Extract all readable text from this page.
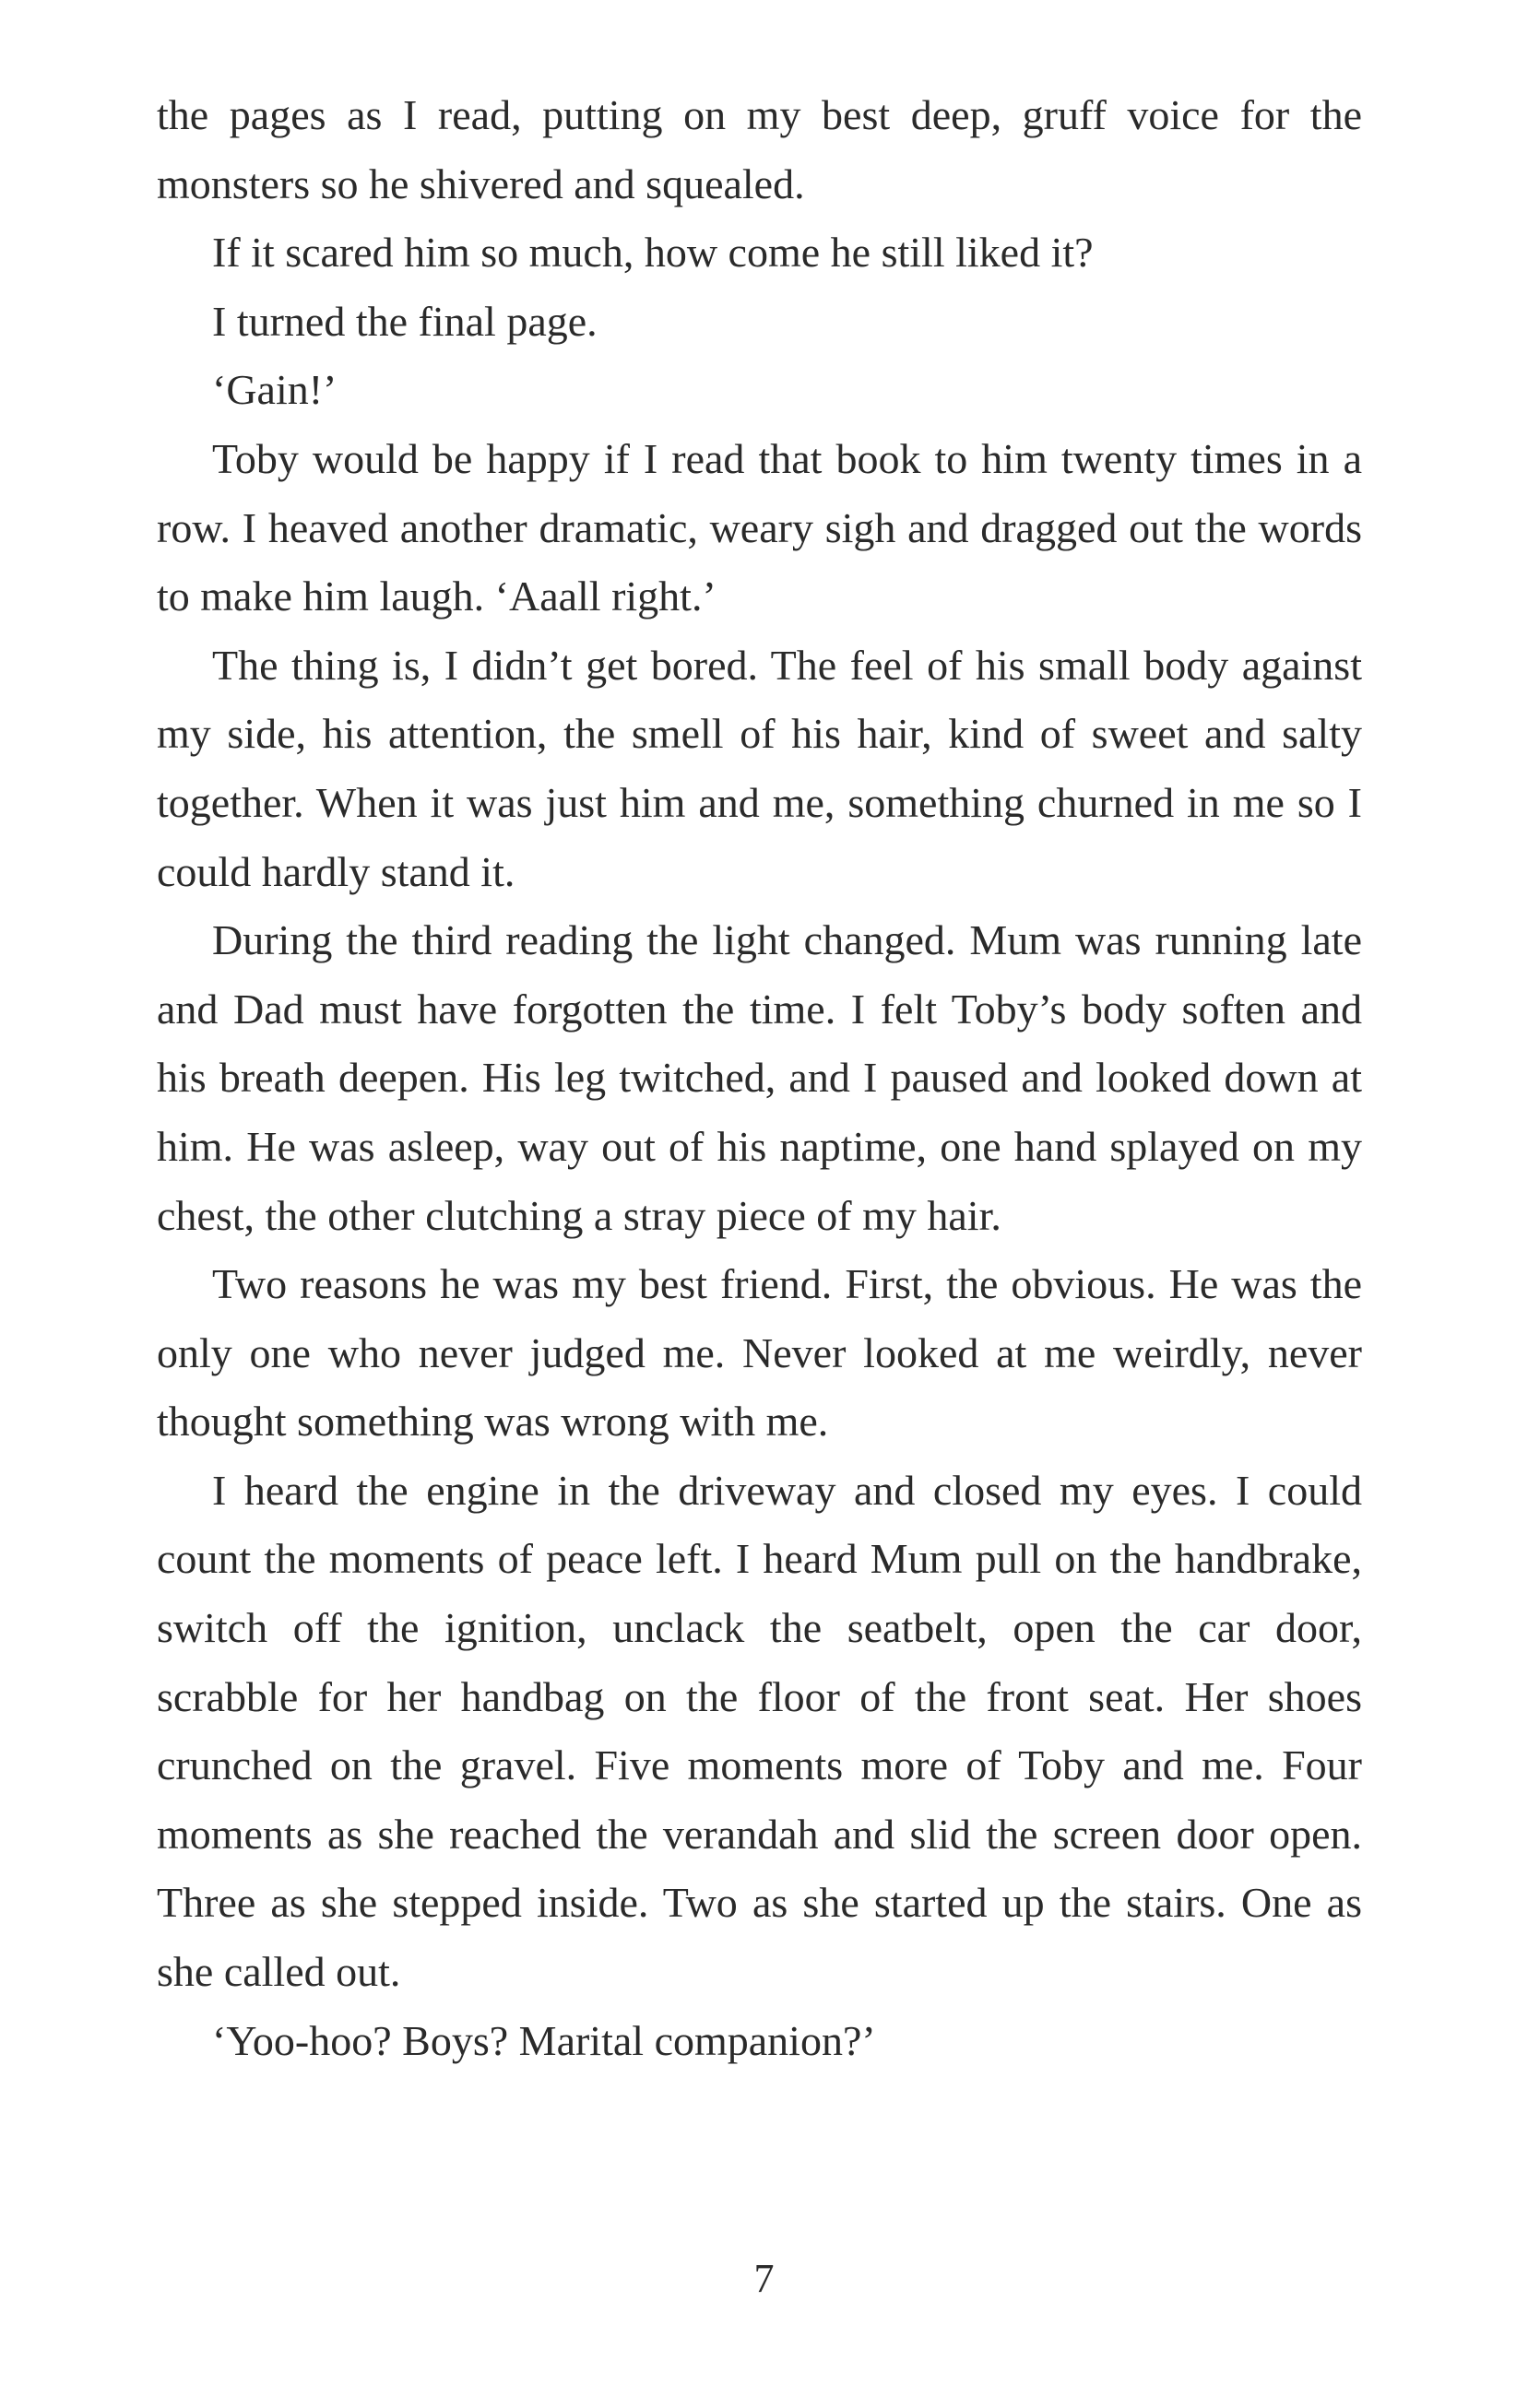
the pages as I read, putting on my best deep, gruff voice for the monsters so he shivered and squealed.

If it scared him so much, how come he still liked it?

I turned the final page.

‘Gain!’

Toby would be happy if I read that book to him twenty times in a row. I heaved another dramatic, weary sigh and dragged out the words to make him laugh. ‘Aaall right.’

The thing is, I didn’t get bored. The feel of his small body against my side, his attention, the smell of his hair, kind of sweet and salty together. When it was just him and me, something churned in me so I could hardly stand it.

During the third reading the light changed. Mum was running late and Dad must have forgotten the time. I felt Toby’s body soften and his breath deepen. His leg twitched, and I paused and looked down at him. He was asleep, way out of his naptime, one hand splayed on my chest, the other clutching a stray piece of my hair.

Two reasons he was my best friend. First, the obvious. He was the only one who never judged me. Never looked at me weirdly, never thought something was wrong with me.

I heard the engine in the driveway and closed my eyes. I could count the moments of peace left. I heard Mum pull on the handbrake, switch off the ignition, unclack the seatbelt, open the car door, scrabble for her handbag on the floor of the front seat. Her shoes crunched on the gravel. Five moments more of Toby and me. Four moments as she reached the verandah and slid the screen door open. Three as she stepped inside. Two as she started up the stairs. One as she called out.

‘Yoo-hoo? Boys? Marital companion?’

7
